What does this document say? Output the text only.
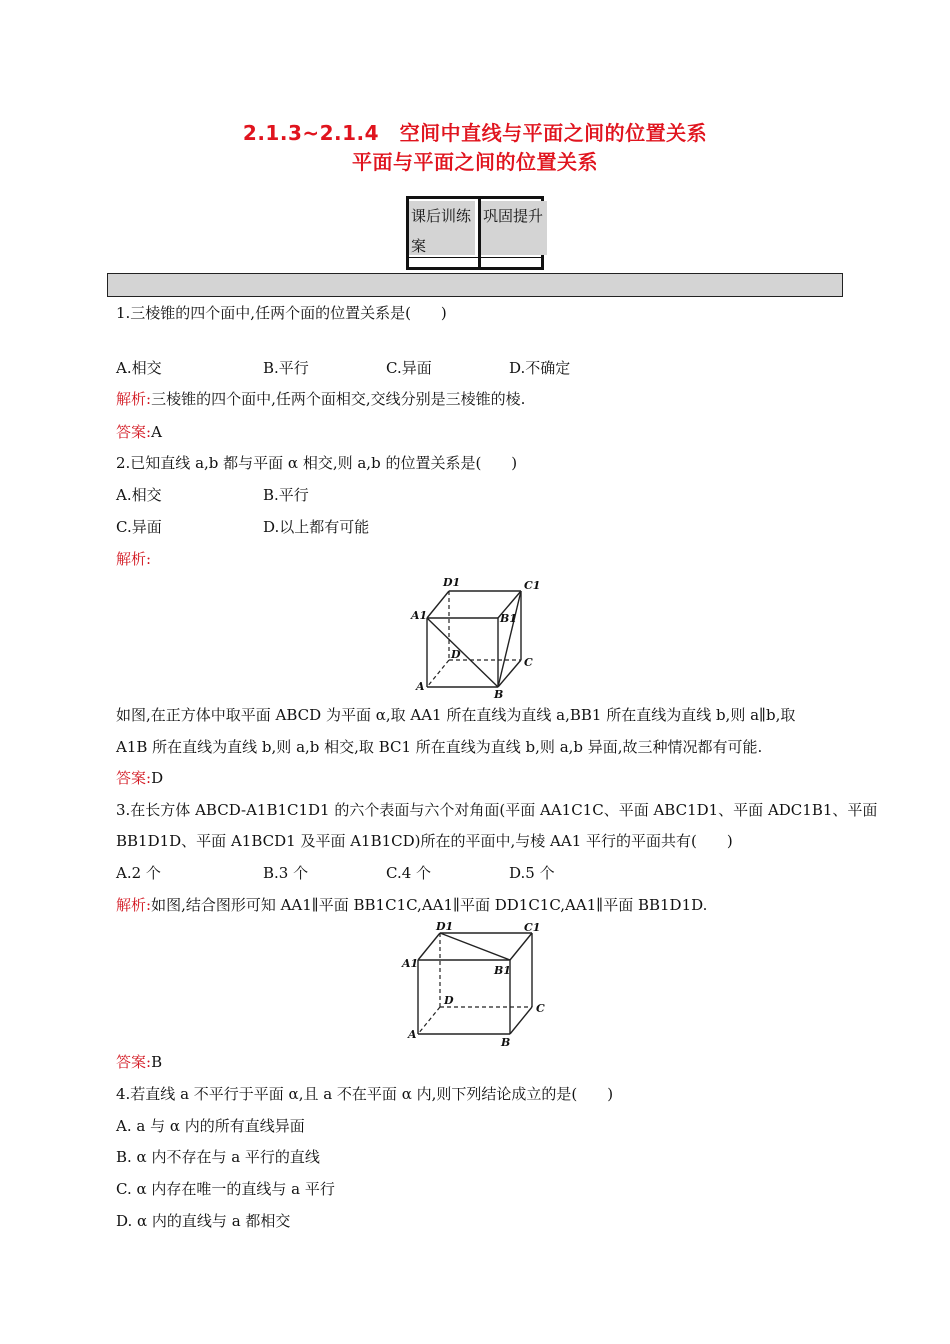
2.1.3~2.1.4　空间中直线与平面之间的位置关系
平面与平面之间的位置关系
课后训练案
巩固提升
1.三棱锥的四个面中,任两个面的位置关系是(　　)
A.相交	B.平行	C.异面	D.不确定
解析:三棱锥的四个面中,任两个面相交,交线分别是三棱锥的棱.
答案:A
2.已知直线 a,b 都与平面 α 相交,则 a,b 的位置关系是(　　)
A.相交	B.平行
C.异面	D.以上都有可能
解析:
D1	C1
A1	B1
D
C
A
B
如图,在正方体中取平面 ABCD 为平面 α,取 AA1 所在直线为直线 a,BB1 所在直线为直线 b,则 a∥b,取
A1B 所在直线为直线 b,则 a,b 相交,取 BC1 所在直线为直线 b,则 a,b 异面,故三种情况都有可能.
答案:D
3.在长方体 ABCD-A1B1C1D1 的六个表面与六个对角面(平面 AA1C1C、平面 ABC1D1、平面 ADC1B1、平面
BB1D1D、平面 A1BCD1 及平面 A1B1CD)所在的平面中,与棱 AA1 平行的平面共有(　　)
A.2 个	B.3 个	C.4 个	D.5 个
解析:如图,结合图形可知 AA1∥平面 BB1C1C,AA1∥平面 DD1C1C,AA1∥平面 BB1D1D.
D1	C1
A1
B1
D
C
A
B
答案:B
4.若直线 a 不平行于平面 α,且 a 不在平面 α 内,则下列结论成立的是(　　)
A. a 与 α 内的所有直线异面
B. α 内不存在与 a 平行的直线
C. α 内存在唯一的直线与 a 平行
D. α 内的直线与 a 都相交
